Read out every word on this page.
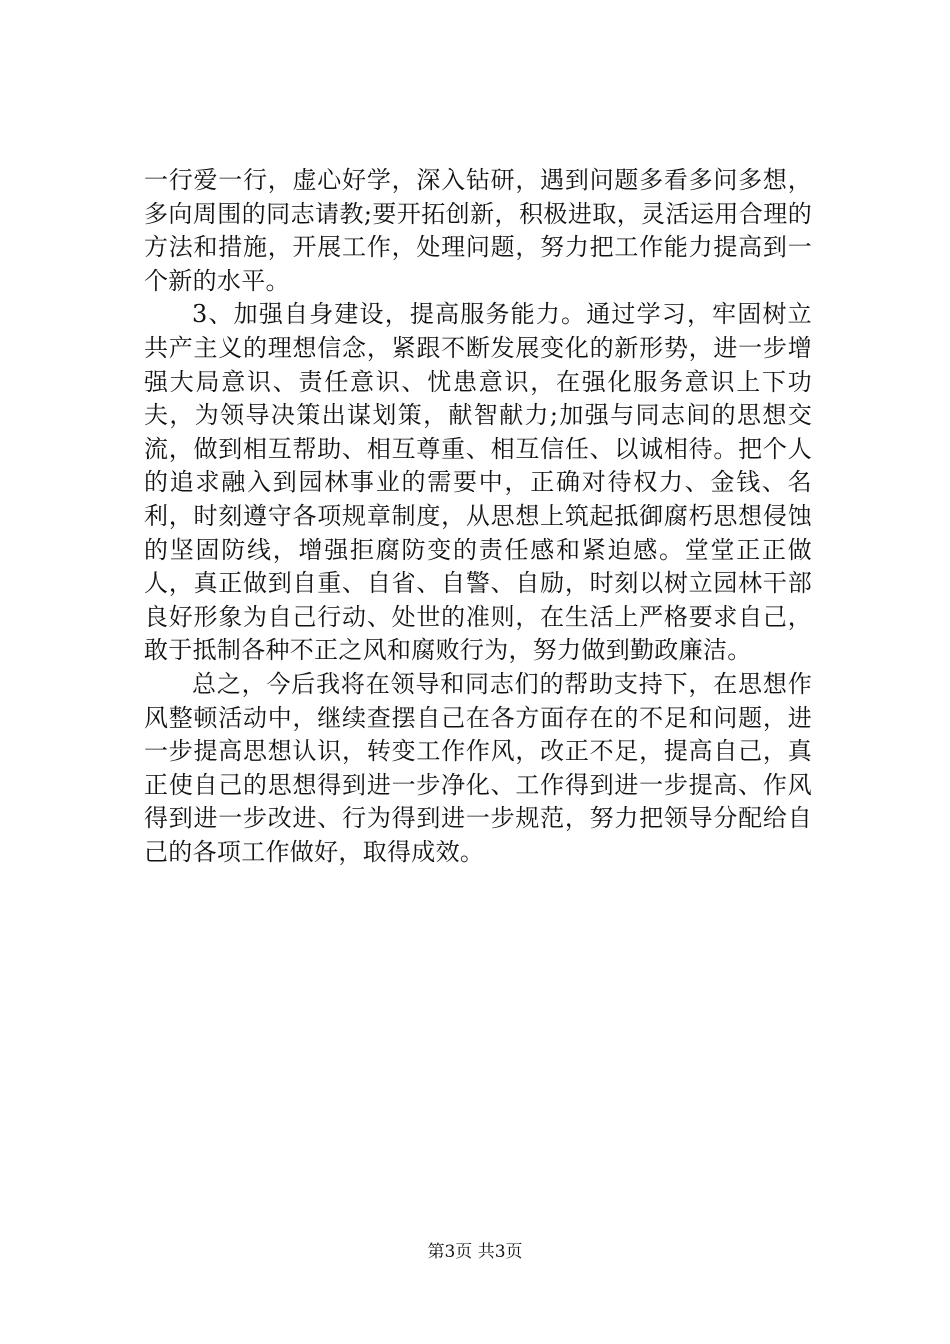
一行爱一行，虚心好学，深入钻研，遇到问题多看多问多想，多向周围的同志请教;要开拓创新，积极进取，灵活运用合理的方法和措施，开展工作，处理问题，努力把工作能力提高到一个新的水平。

3、加强自身建设，提高服务能力。通过学习，牢固树立共产主义的理想信念，紧跟不断发展变化的新形势，进一步增强大局意识、责任意识、忧患意识，在强化服务意识上下功夫，为领导决策出谋划策，献智献力;加强与同志间的思想交流，做到相互帮助、相互尊重、相互信任、以诚相待。把个人的追求融入到园林事业的需要中，正确对待权力、金钱、名利，时刻遵守各项规章制度，从思想上筑起抵御腐朽思想侵蚀的坚固防线，增强拒腐防变的责任感和紧迫感。堂堂正正做人，真正做到自重、自省、自警、自励，时刻以树立园林干部良好形象为自己行动、处世的准则，在生活上严格要求自己，敢于抵制各种不正之风和腐败行为，努力做到勤政廉洁。

总之，今后我将在领导和同志们的帮助支持下，在思想作风整顿活动中，继续查摆自己在各方面存在的不足和问题，进一步提高思想认识，转变工作作风，改正不足，提高自己，真正使自己的思想得到进一步净化、工作得到进一步提高、作风得到进一步改进、行为得到进一步规范，努力把领导分配给自己的各项工作做好，取得成效。

第3页 共3页
